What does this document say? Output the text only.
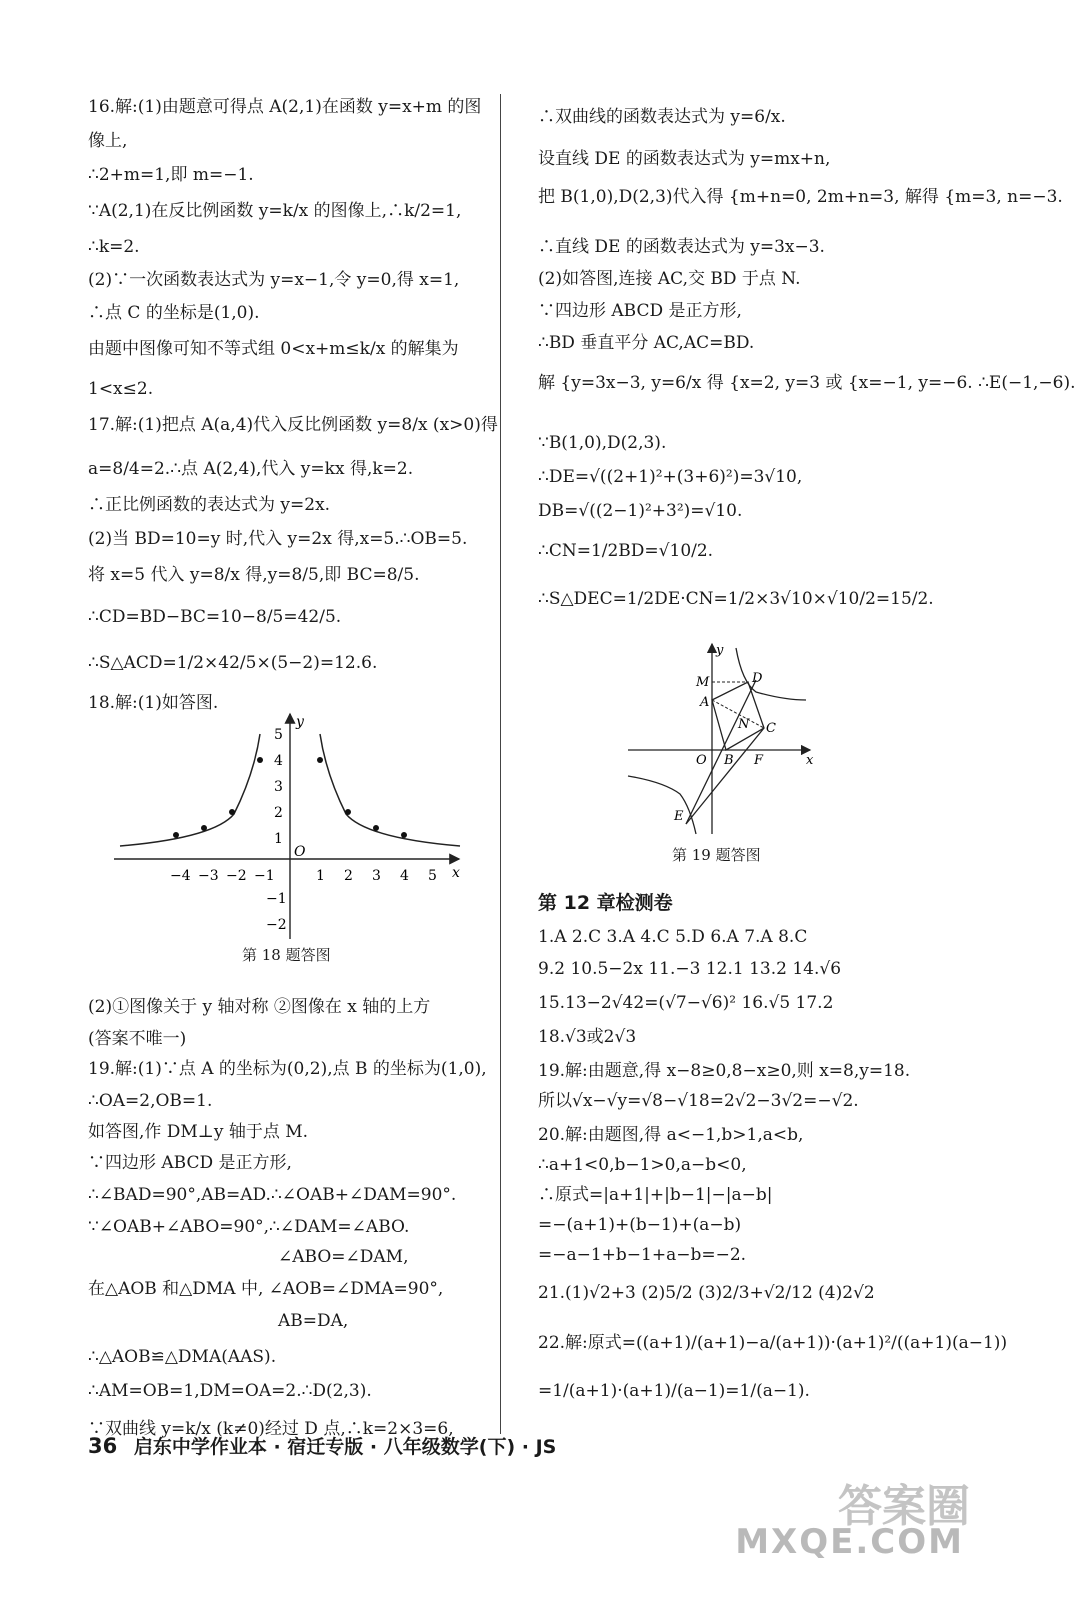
16.解:(1)由题意可得点 A(2,1)在函数 y=x+m 的图
像上,
∴2+m=1,即 m=−1.
∵A(2,1)在反比例函数 y=k/x 的图像上,∴k/2=1,
∴k=2.
(2)∵一次函数表达式为 y=x−1,令 y=0,得 x=1,
∴点 C 的坐标是(1,0).
由题中图像可知不等式组 0<x+m≤k/x 的解集为
1<x≤2.
17.解:(1)把点 A(a,4)代入反比例函数 y=8/x (x>0)得
a=8/4=2.∴点 A(2,4),代入 y=kx 得,k=2.
∴正比例函数的表达式为 y=2x.
(2)当 BD=10=y 时,代入 y=2x 得,x=5.∴OB=5.
将 x=5 代入 y=8/x 得,y=8/5,即 BC=8/5.
∴CD=BD−BC=10−8/5=42/5.
∴S△ACD=1/2×42/5×(5−2)=12.6.
18.解:(1)如答图.
−4 −3 −2 −1	1 2 3 4 5
5
4
3
2
1
−1
−2
O
x
y
第 18 题答图
(2)①图像关于 y 轴对称 ②图像在 x 轴的上方
(答案不唯一)
19.解:(1)∵点 A 的坐标为(0,2),点 B 的坐标为(1,0),
∴OA=2,OB=1.
如答图,作 DM⊥y 轴于点 M.
∵四边形 ABCD 是正方形,
∴∠BAD=90°,AB=AD.∴∠OAB+∠DAM=90°.
∵∠OAB+∠ABO=90°,∴∠DAM=∠ABO.
∠ABO=∠DAM,
在△AOB 和△DMA 中, ∠AOB=∠DMA=90°,
AB=DA,
∴△AOB≌△DMA(AAS).
∴AM=OB=1,DM=OA=2.∴D(2,3).
∵双曲线 y=k/x (k≠0)经过 D 点,∴k=2×3=6,
∴双曲线的函数表达式为 y=6/x.
设直线 DE 的函数表达式为 y=mx+n,
把 B(1,0),D(2,3)代入得 {m+n=0, 2m+n=3, 解得 {m=3, n=−3.
∴直线 DE 的函数表达式为 y=3x−3.
(2)如答图,连接 AC,交 BD 于点 N.
∵四边形 ABCD 是正方形,
∴BD 垂直平分 AC,AC=BD.
解 {y=3x−3, y=6/x 得 {x=2, y=3 或 {x=−1, y=−6. ∴E(−1,−6).
∵B(1,0),D(2,3).
∴DE=√((2+1)²+(3+6)²)=3√10,
DB=√((2−1)²+3²)=√10.
∴CN=1/2BD=√10/2.
∴S△DEC=1/2DE·CN=1/2×3√10×√10/2=15/2.
y
M	D
A
N C
O B F	x
E
第 19 题答图
第 12 章检测卷
1.A 2.C 3.A 4.C 5.D 6.A 7.A 8.C
9.2 10.5−2x 11.−3 12.1 13.2 14.√6
15.13−2√42=(√7−√6)² 16.√5 17.2
18.√3或2√3
19.解:由题意,得 x−8≥0,8−x≥0,则 x=8,y=18.
所以√x−√y=√8−√18=2√2−3√2=−√2.
20.解:由题图,得 a<−1,b>1,a<b,
∴a+1<0,b−1>0,a−b<0,
∴原式=|a+1|+|b−1|−|a−b|
=−(a+1)+(b−1)+(a−b)
=−a−1+b−1+a−b=−2.
21.(1)√2+3 (2)5/2 (3)2/3+√2/12 (4)2√2
22.解:原式=((a+1)/(a+1)−a/(a+1))·(a+1)²/((a+1)(a−1))
=1/(a+1)·(a+1)/(a−1)=1/(a−1).
36 启东中学作业本 · 宿迁专版 · 八年级数学(下) · JS
答案圈
MXQE.COM
